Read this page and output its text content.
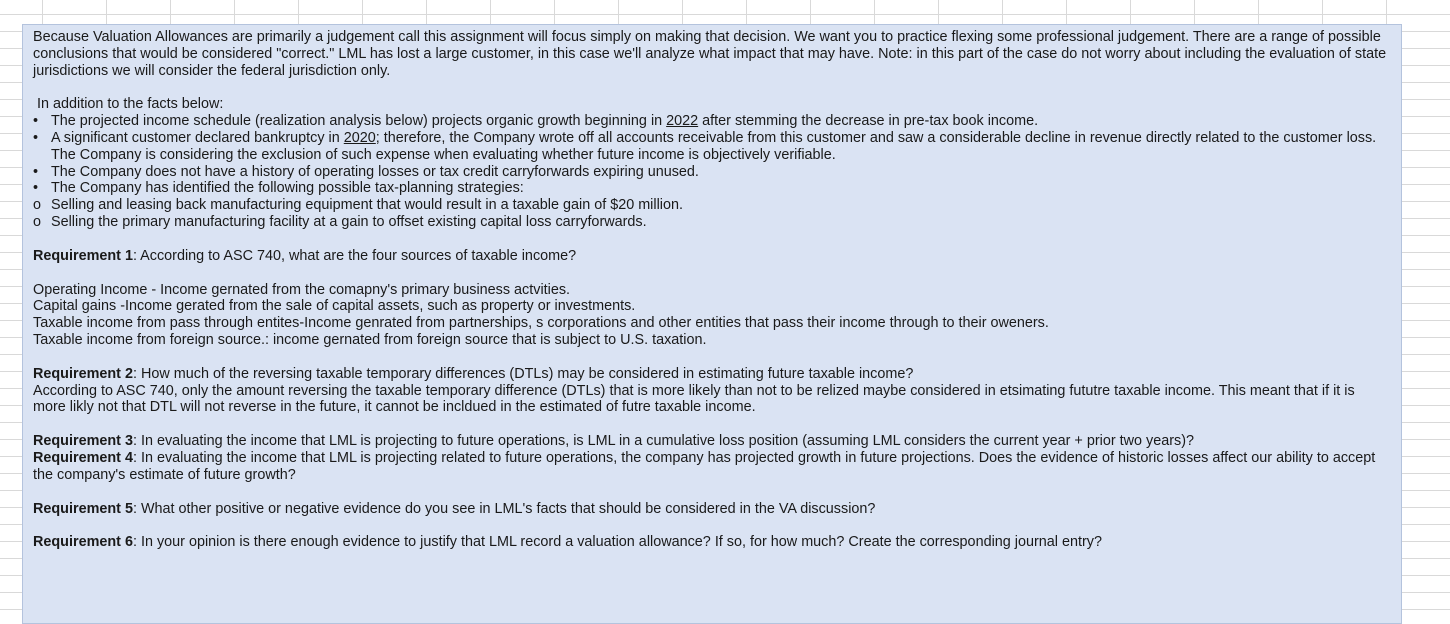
Because Valuation Allowances are primarily a judgement call this assignment will focus simply on making that decision. We want you to practice flexing some professional judgement. There are a range of possible conclusions that would be considered "correct." LML has lost a large customer, in this case we'll analyze what impact that may have. Note: in this part of the case do not worry about including the evaluation of state jurisdictions we will consider the federal jurisdiction only.

In addition to the facts below:

• The projected income schedule (realization analysis below) projects organic growth beginning in 2022 after stemming the decrease in pre-tax book income.

• A significant customer declared bankruptcy in 2020; therefore, the Company wrote off all accounts receivable from this customer and saw a considerable decline in revenue directly related to the customer loss. The Company is considering the exclusion of such expense when evaluating whether future income is objectively verifiable.

• The Company does not have a history of operating losses or tax credit carryforwards expiring unused.

• The Company has identified the following possible tax-planning strategies:

o Selling and leasing back manufacturing equipment that would result in a taxable gain of $20 million.

o Selling the primary manufacturing facility at a gain to offset existing capital loss carryforwards.

Requirement 1: According to ASC 740, what are the four sources of taxable income?

Operating Income - Income gernated from the comapny's primary business actvities.

Capital gains -Income gerated from the sale of capital assets, such as property or investments.

Taxable income from pass through entites-Income genrated from partnerships, s corporations and other entities that pass their income through to their oweners.

Taxable income from foreign source.: income gernated from foreign source that is subject to U.S. taxation.

Requirement 2: How much of the reversing taxable temporary differences (DTLs) may be considered in estimating future taxable income?

According to ASC 740, only the amount reversing the taxable temporary difference (DTLs) that is more likely than not to be relized maybe considered in etsimating fututre taxable income. This meant that if it is more likly not that DTL will not reverse in the future, it cannot be incldued in the estimated of futre taxable income.

Requirement 3: In evaluating the income that LML is projecting to future operations, is LML in a cumulative loss position (assuming LML considers the current year + prior two years)?

Requirement 4: In evaluating the income that LML is projecting related to future operations, the company has projected growth in future projections. Does the evidence of historic losses affect our ability to accept the company's estimate of future growth?

Requirement 5: What other positive or negative evidence do you see in LML's facts that should be considered in the VA discussion?

Requirement 6: In your opinion is there enough evidence to justify that LML record a valuation allowance? If so, for how much? Create the corresponding journal entry?
